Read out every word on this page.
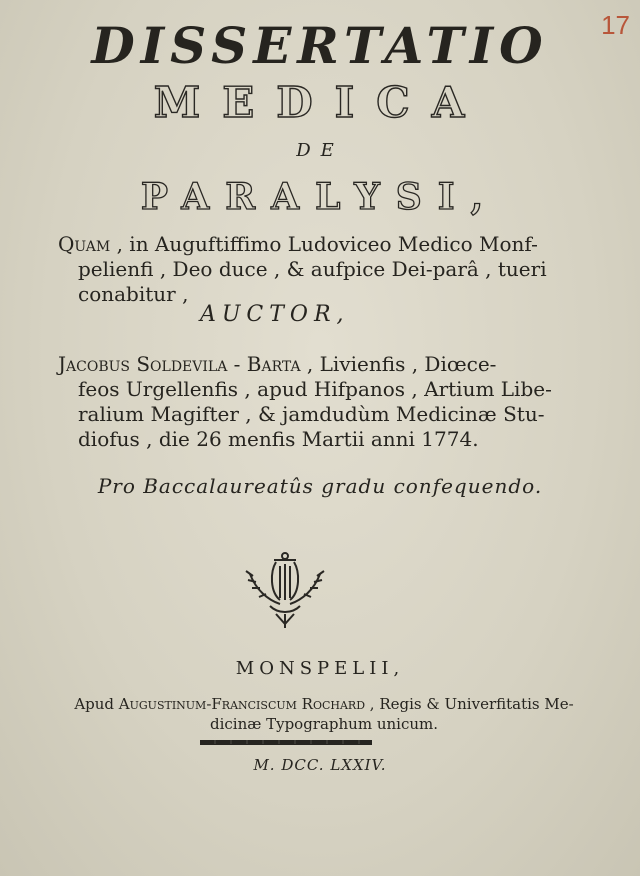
17
DISSERTATIO
MEDICA
DE
PARALYSI,
Quam , in Auguftiffimo Ludoviceo Medico Monf-
pelienfi , Deo duce , & aufpice Dei-parâ , tueri
conabitur ,
AUCTOR,
Jacobus Soldevila - Barta , Livienfis , Diœce-
feos Urgellenfis , apud Hifpanos , Artium Libe-
ralium Magifter , & jamdudùm Medicinæ Stu-
diofus , die 26 menfis Martii anni 1774.
Pro Baccalaureatûs gradu confequendo.
MONSPELII,
Apud Augustinum-Franciscum Rochard , Regis & Univerfitatis Me-
dicinæ Typographum unicum.
M. DCC. LXXIV.
